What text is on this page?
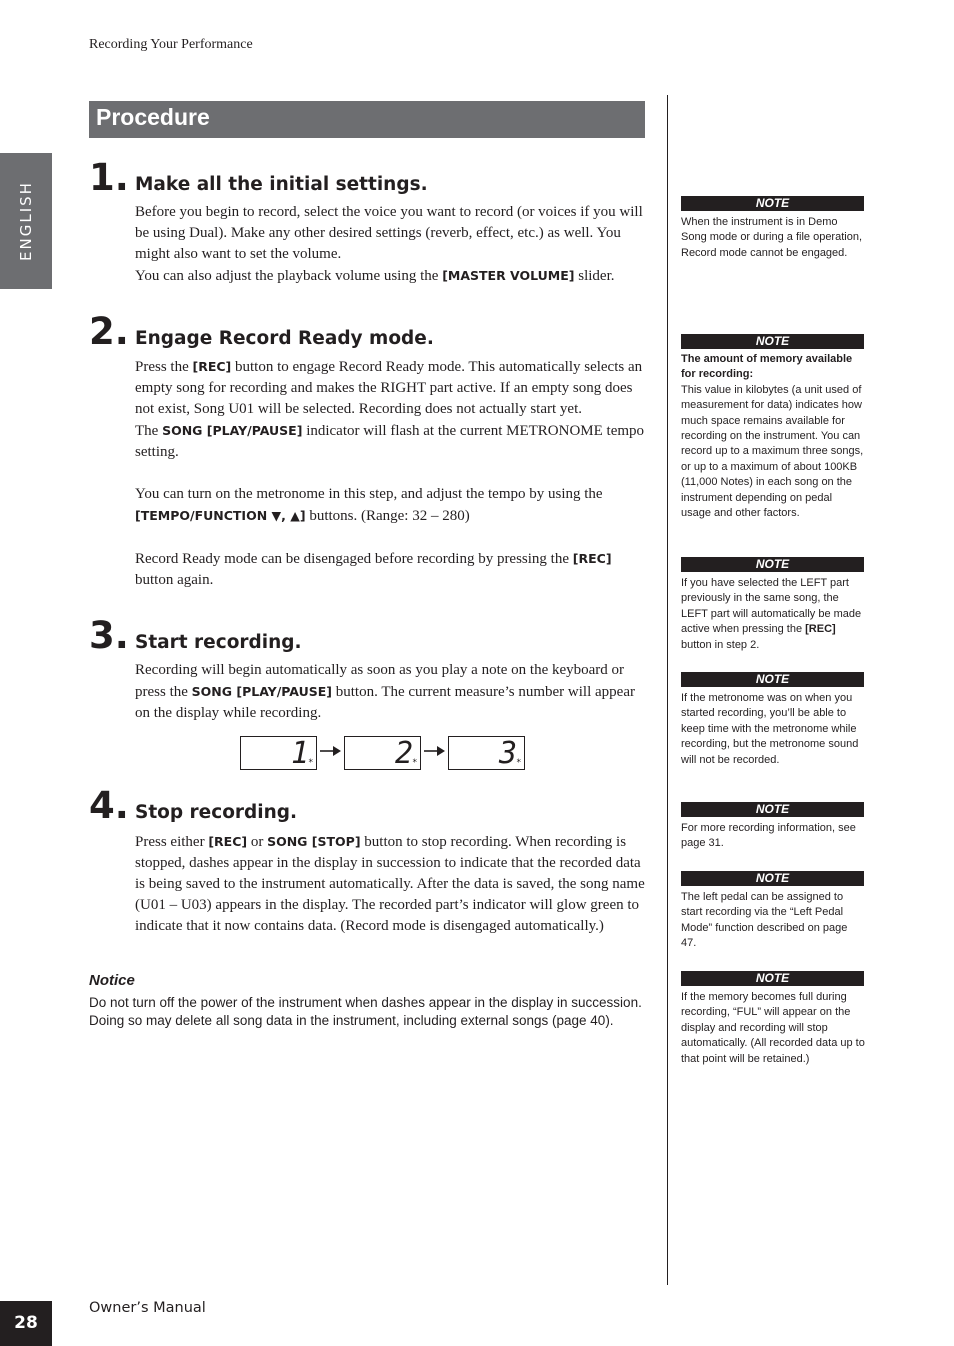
Recording Your Performance
ENGLISH
Procedure
1. Make all the initial settings.

Before you begin to record, select the voice you want to record (or voices if you will be using Dual). Make any other desired settings (reverb, effect, etc.) as well. You might also want to set the volume.

You can also adjust the playback volume using the [MASTER VOLUME] slider.

2. Engage Record Ready mode.

Press the [REC] button to engage Record Ready mode. This automatically selects an empty song for recording and makes the RIGHT part active. If an empty song does not exist, Song U01 will be selected. Recording does not actually start yet.

The SONG [PLAY/PAUSE] indicator will flash at the current METRONOME tempo setting.

You can turn on the metronome in this step, and adjust the tempo by using the [TEMPO/FUNCTION ▼, ▲] buttons. (Range: 32 – 280)

Record Ready mode can be disengaged before recording by pressing the [REC] button again.

3. Start recording.

Recording will begin automatically as soon as you play a note on the keyboard or press the SONG [PLAY/PAUSE] button. The current measure’s number will appear on the display while recording.

1 *	2 *	3 *
4. Stop recording.

Press either [REC] or SONG [STOP] button to stop recording. When recording is stopped, dashes appear in the display in succession to indicate that the recorded data is being saved to the instrument automatically. After the data is saved, the song name (U01 – U03) appears in the display. The recorded part’s indicator will glow green to indicate that it now contains data. (Record mode is disengaged automatically.)

Notice
Do not turn off the power of the instrument when dashes appear in the display in succession. Doing so may delete all song data in the instrument, including external songs (page 40).
NOTE
When the instrument is in Demo Song mode or during a file operation, Record mode cannot be engaged.
NOTE
The amount of memory available for recording:
This value in kilobytes (a unit used of measurement for data) indicates how much space remains available for recording on the instrument. You can record up to a maximum three songs, or up to a maximum of about 100KB (11,000 Notes) in each song on the instrument depending on pedal usage and other factors.
NOTE
If you have selected the LEFT part previously in the same song, the LEFT part will automatically be made active when pressing the [REC] button in step 2.
NOTE
If the metronome was on when you started recording, you’ll be able to keep time with the metronome while recording, but the metronome sound will not be recorded.
NOTE
For more recording information, see page 31.
NOTE
The left pedal can be assigned to start recording via the “Left Pedal Mode” function described on page 47.
NOTE
If the memory becomes full during recording, “FUL” will appear on the display and recording will stop automatically. (All recorded data up to that point will be retained.)
28
Owner’s Manual
